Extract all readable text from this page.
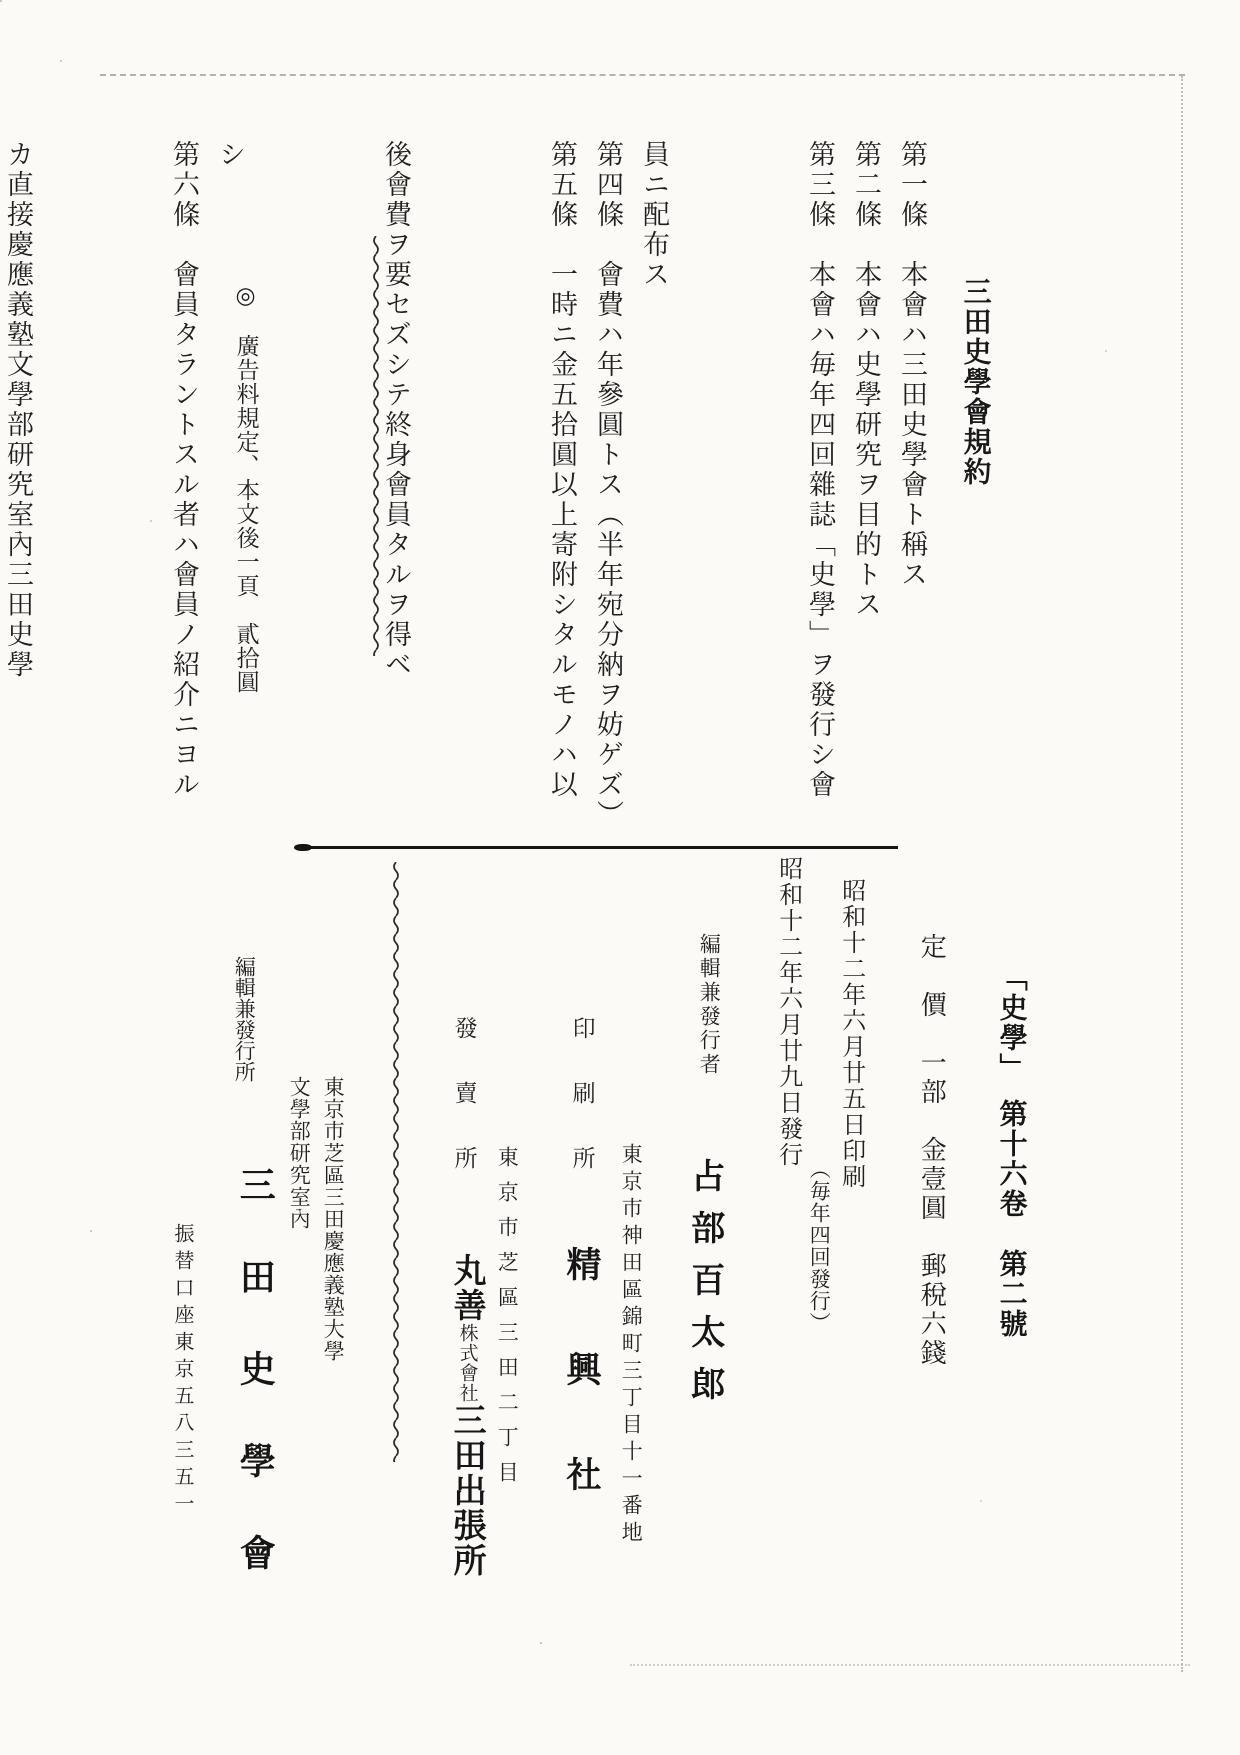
三田史學會規約

第一條　本會ハ三田史學會ト稱ス

第二條　本會ハ史學研究ヲ目的トス

第三條　本會ハ毎年四回雜誌「史學」ヲ發行シ會

員ニ配布ス

第四條　會費ハ年參圓トス（半年宛分納ヲ妨ゲズ）

第五條　一時ニ金五拾圓以上寄附シタルモノハ以

後會費ヲ要セズシテ終身會員タルヲ得ベ

シ

第六條　會員タラントスル者ハ會員ノ紹介ニヨル

カ直接慶應義塾文學部研究室內三田史學	◎　廣告料規定、本文後一頁　貳拾圓
「史學」　第十六卷　第二號
定　價　一部　金壹圓　郵稅六錢
昭和十二年六月廿五日印刷
（毎年四回發行）
昭和十二年六月廿九日發行
編輯兼發行者
占部百太郎
東京市神田區錦町三丁目十一番地
印刷所
精興社
東京市芝區三田二丁目
發賣所
丸善株式會社三田出張所
編輯兼發行所
東京市芝區三田慶應義塾大學
文學部研究室內
三田史學會
振替口座東京五八三五一
